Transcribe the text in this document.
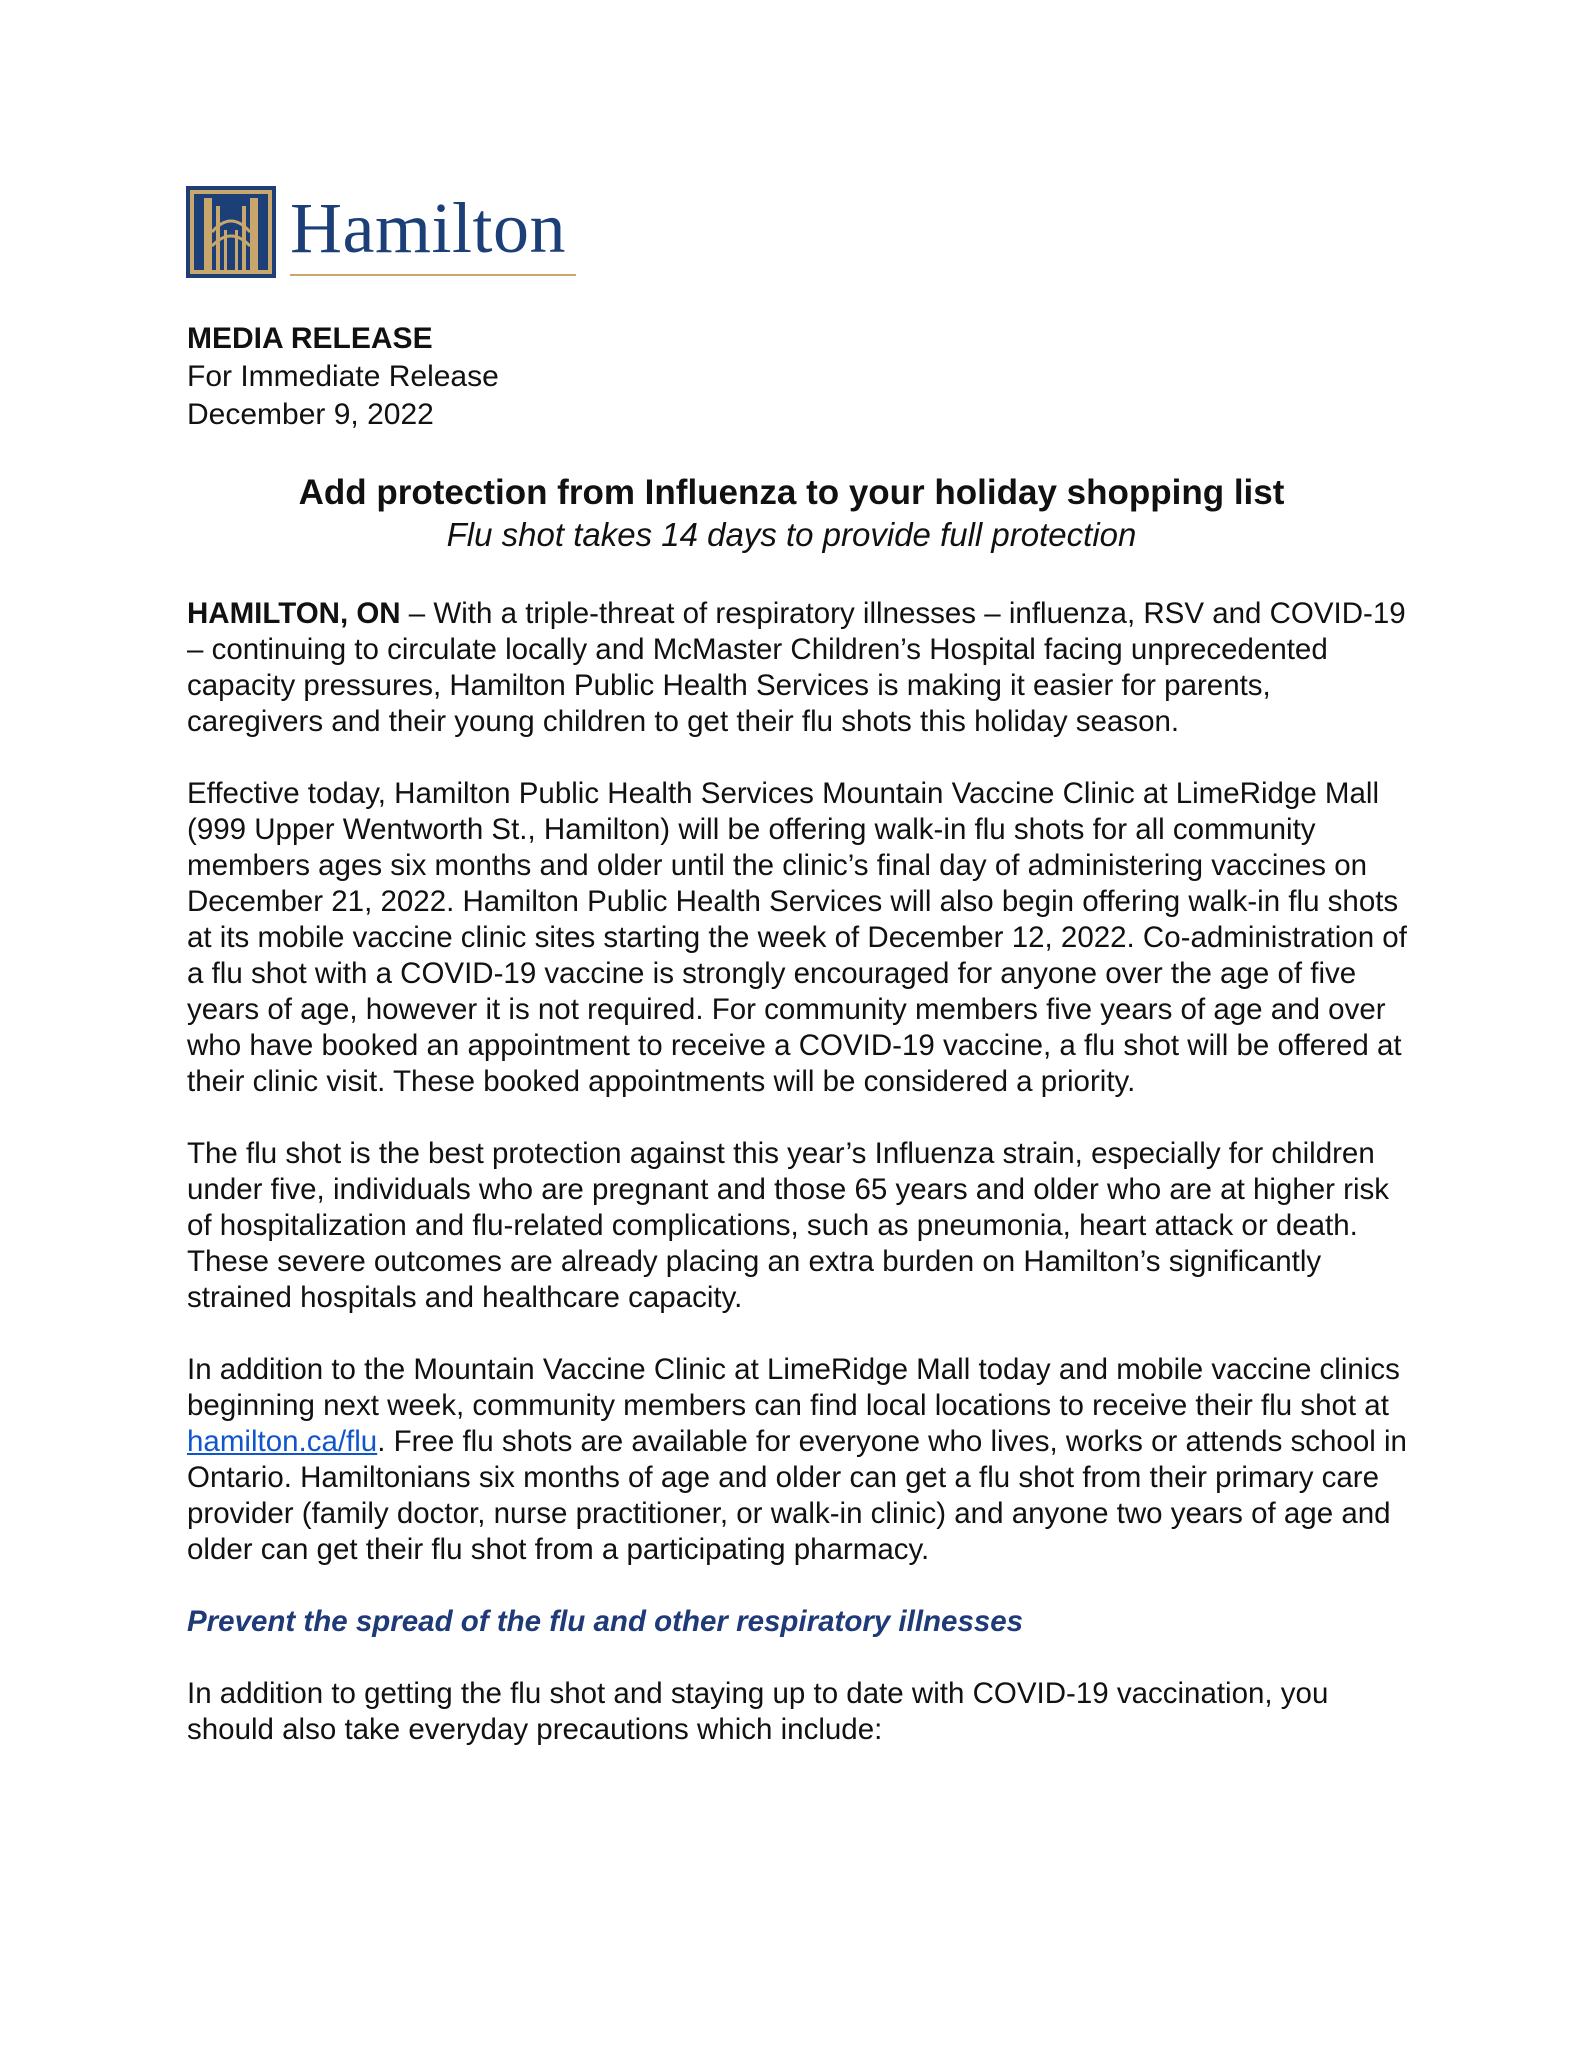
Hamilton
MEDIA RELEASE
For Immediate Release
December 9, 2022
Add protection from Influenza to your holiday shopping list
Flu shot takes 14 days to provide full protection

HAMILTON, ON – With a triple-threat of respiratory illnesses – influenza, RSV and COVID-19 – continuing to circulate locally and McMaster Children’s Hospital facing unprecedented capacity pressures, Hamilton Public Health Services is making it easier for parents, caregivers and their young children to get their flu shots this holiday season.

Effective today, Hamilton Public Health Services Mountain Vaccine Clinic at LimeRidge Mall (999 Upper Wentworth St., Hamilton) will be offering walk-in flu shots for all community members ages six months and older until the clinic’s final day of administering vaccines on December 21, 2022. Hamilton Public Health Services will also begin offering walk-in flu shots at its mobile vaccine clinic sites starting the week of December 12, 2022. Co-administration of a flu shot with a COVID-19 vaccine is strongly encouraged for anyone over the age of five years of age, however it is not required. For community members five years of age and over who have booked an appointment to receive a COVID-19 vaccine, a flu shot will be offered at their clinic visit. These booked appointments will be considered a priority.

The flu shot is the best protection against this year’s Influenza strain, especially for children under five, individuals who are pregnant and those 65 years and older who are at higher risk of hospitalization and flu-related complications, such as pneumonia, heart attack or death. These severe outcomes are already placing an extra burden on Hamilton’s significantly strained hospitals and healthcare capacity.

In addition to the Mountain Vaccine Clinic at LimeRidge Mall today and mobile vaccine clinics beginning next week, community members can find local locations to receive their flu shot at hamilton.ca/flu. Free flu shots are available for everyone who lives, works or attends school in Ontario. Hamiltonians six months of age and older can get a flu shot from their primary care provider (family doctor, nurse practitioner, or walk-in clinic) and anyone two years of age and older can get their flu shot from a participating pharmacy.

Prevent the spread of the flu and other respiratory illnesses

In addition to getting the flu shot and staying up to date with COVID-19 vaccination, you should also take everyday precautions which include:
